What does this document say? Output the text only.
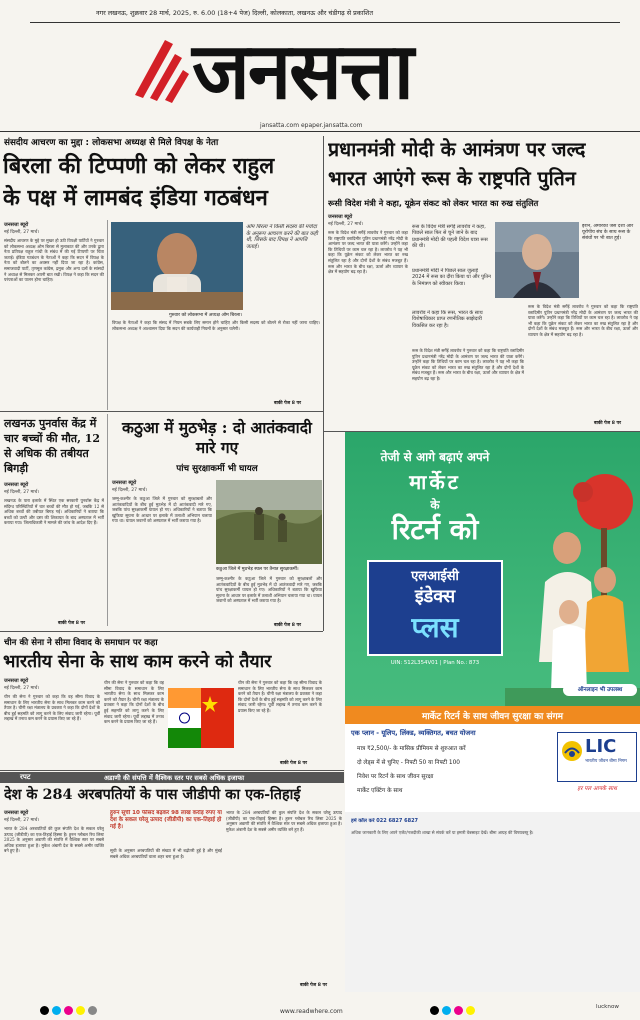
नगर लखनऊ, शुक्रवार 28 मार्च, 2025, रु. 6.00 (18+4 पेज) दिल्ली, कोलकाता, लखनऊ और चंडीगढ़ से प्रकाशित
जनसत्ता
jansatta.com epaper.jansatta.com
संसदीय आचरण का मुद्दा : लोकसभा अध्यक्ष से मिले विपक्ष के नेता
बिरला की टिप्पणी को लेकर राहुल
के पक्ष में लामबंद इंडिया गठबंधन
जनसत्ता ब्यूरो
नई दिल्ली, 27 मार्च।
संसदीय आचरण के मुद्दे पर मुखर हो उठी विपक्षी पार्टियों ने गुरुवार को लोकसभा अध्यक्ष ओम बिरला से मुलाकात की और उनके द्वारा नेता प्रतिपक्ष राहुल गांधी के संबंध में की गई टिप्पणी पर चिंता जताई। इंडिया गठबंधन के नेताओं ने कहा कि सदन में विपक्ष के नेता को बोलने का अवसर नहीं दिया जा रहा है। कांग्रेस, समाजवादी पार्टी, तृणमूल कांग्रेस, द्रमुक और अन्य दलों के सांसदों ने अध्यक्ष से मिलकर अपनी बात रखी। विपक्ष ने कहा कि सदन की परंपराओं का पालन होना चाहिए।
गुरुवार को लोकसभा में अध्यक्ष ओम बिरला।
ओम बिरला ने किसी सदस्य की मर्यादा के अनुरूप आचरण करने की बात कही थी, जिसके बाद विपक्ष ने आपत्ति जताई।
विपक्ष के नेताओं ने कहा कि संसद में नियम सबके लिए समान होने चाहिए और किसी सदस्य को बोलने से रोका नहीं जाना चाहिए। लोकसभा अध्यक्ष ने आश्वासन दिया कि सदन की कार्यवाही नियमों के अनुसार चलेगी।
बाकी पेज 8 पर
प्रधानमंत्री मोदी के आमंत्रण पर जल्द
भारत आएंगे रूस के राष्ट्रपति पुतिन
रूसी विदेश मंत्री ने कहा, यूक्रेन संकट को लेकर भारत का रुख संतुलित
जनसत्ता ब्यूरो
नई दिल्ली, 27 मार्च।
रूस के विदेश मंत्री सर्गेई लावरोव ने गुरुवार को कहा कि राष्ट्रपति व्लादिमीर पुतिन प्रधानमंत्री नरेंद्र मोदी के आमंत्रण पर जल्द भारत की यात्रा करेंगे। उन्होंने कहा कि तिथियों पर काम चल रहा है। लावरोव ने यह भी कहा कि यूक्रेन संकट को लेकर भारत का रुख संतुलित रहा है और दोनों देशों के संबंध मजबूत हैं। रूस और भारत के बीच रक्षा, ऊर्जा और व्यापार के क्षेत्र में सहयोग बढ़ रहा है।
रूस के विदेश मंत्री सर्गेई लावरोव ने कहा, पिछले साल फिर से चुने जाने के बाद प्रधानमंत्री मोदी की पहली विदेश यात्रा रूस की थी।
प्रधानमंत्री मोदी ने पिछले साल जुलाई 2024 में रूस का दौरा किया था और पुतिन के निमंत्रण को स्वीकार किया।
लावरोव ने कहा कि रूस, भारत के साथ विशेषाधिकार प्राप्त रणनीतिक साझेदारी विकसित कर रहा है।
ईरान, अमेरिका जैसे देशों और यूरोपीय संघ के साथ रूस के संबंधों पर भी बात हुई।
रूस के विदेश मंत्री सर्गेई लावरोव ने गुरुवार को कहा कि राष्ट्रपति व्लादिमीर पुतिन प्रधानमंत्री नरेंद्र मोदी के आमंत्रण पर जल्द भारत की यात्रा करेंगे। उन्होंने कहा कि तिथियों पर काम चल रहा है। लावरोव ने यह भी कहा कि यूक्रेन संकट को लेकर भारत का रुख संतुलित रहा है और दोनों देशों के संबंध मजबूत हैं। रूस और भारत के बीच रक्षा, ऊर्जा और व्यापार के क्षेत्र में सहयोग बढ़ रहा है।
रूस के विदेश मंत्री सर्गेई लावरोव ने गुरुवार को कहा कि राष्ट्रपति व्लादिमीर पुतिन प्रधानमंत्री नरेंद्र मोदी के आमंत्रण पर जल्द भारत की यात्रा करेंगे। उन्होंने कहा कि तिथियों पर काम चल रहा है। लावरोव ने यह भी कहा कि यूक्रेन संकट को लेकर भारत का रुख संतुलित रहा है और दोनों देशों के संबंध मजबूत हैं। रूस और भारत के बीच रक्षा, ऊर्जा और व्यापार के क्षेत्र में सहयोग बढ़ रहा है।
बाकी पेज 8 पर
लखनऊ पुनर्वास केंद्र में चार बच्चों की मौत, 12 से अधिक की तबीयत बिगड़ी
जनसत्ता ब्यूरो
नई दिल्ली, 27 मार्च।
लखनऊ के पारा इलाके में स्थित एक सरकारी पुनर्वास केंद्र में संदिग्ध परिस्थितियों में चार बच्चों की मौत हो गई, जबकि 12 से अधिक बच्चों की तबीयत बिगड़ गई। अधिकारियों ने बताया कि बच्चों को उल्टी और दस्त की शिकायत के बाद अस्पताल में भर्ती कराया गया। जिलाधिकारी ने मामले की जांच के आदेश दिए हैं।
बाकी पेज 8 पर
कठुआ में मुठभेड़ : दो आतंकवादी मारे गए
पांच सुरक्षाकर्मी भी घायल
जनसत्ता ब्यूरो
नई दिल्ली, 27 मार्च।
जम्मू-कश्मीर के कठुआ जिले में गुरुवार को सुरक्षाबलों और आतंकवादियों के बीच हुई मुठभेड़ में दो आतंकवादी मारे गए, जबकि पांच सुरक्षाकर्मी घायल हो गए। अधिकारियों ने बताया कि खुफिया सूचना के आधार पर इलाके में तलाशी अभियान चलाया गया था। घायल जवानों को अस्पताल में भर्ती कराया गया है।
कठुआ जिले में मुठभेड़ स्थल पर तैनात सुरक्षाकर्मी।
जम्मू-कश्मीर के कठुआ जिले में गुरुवार को सुरक्षाबलों और आतंकवादियों के बीच हुई मुठभेड़ में दो आतंकवादी मारे गए, जबकि पांच सुरक्षाकर्मी घायल हो गए। अधिकारियों ने बताया कि खुफिया सूचना के आधार पर इलाके में तलाशी अभियान चलाया गया था। घायल जवानों को अस्पताल में भर्ती कराया गया है।
बाकी पेज 8 पर
चीन की सेना ने सीमा विवाद के समाधान पर कहा
भारतीय सेना के साथ काम करने को तैयार
जनसत्ता ब्यूरो
नई दिल्ली, 27 मार्च।
चीन की सेना ने गुरुवार को कहा कि वह सीमा विवाद के समाधान के लिए भारतीय सेना के साथ मिलकर काम करने को तैयार है। चीनी रक्षा मंत्रालय के प्रवक्ता ने कहा कि दोनों देशों के बीच हुई सहमति को लागू करने के लिए संवाद जारी रहेगा। पूर्वी लद्दाख में तनाव कम करने के प्रयास किए जा रहे हैं।
चीन की सेना ने गुरुवार को कहा कि वह सीमा विवाद के समाधान के लिए भारतीय सेना के साथ मिलकर काम करने को तैयार है। चीनी रक्षा मंत्रालय के प्रवक्ता ने कहा कि दोनों देशों के बीच हुई सहमति को लागू करने के लिए संवाद जारी रहेगा। पूर्वी लद्दाख में तनाव कम करने के प्रयास किए जा रहे हैं।
चीन की सेना ने गुरुवार को कहा कि वह सीमा विवाद के समाधान के लिए भारतीय सेना के साथ मिलकर काम करने को तैयार है। चीनी रक्षा मंत्रालय के प्रवक्ता ने कहा कि दोनों देशों के बीच हुई सहमति को लागू करने के लिए संवाद जारी रहेगा। पूर्वी लद्दाख में तनाव कम करने के प्रयास किए जा रहे हैं।
बाकी पेज 8 पर
रपट	अडाणी की संपत्ति में वैश्विक स्तर पर सबसे अधिक इजाफा
देश के 284 अरबपतियों के पास जीडीपी का एक-तिहाई
जनसत्ता ब्यूरो
नई दिल्ली, 27 मार्च।
भारत के 284 अरबपतियों की कुल संपत्ति देश के सकल घरेलू उत्पाद (जीडीपी) का एक-तिहाई हिस्सा है। हुरुन ग्लोबल रिच लिस्ट 2025 के अनुसार अडाणी की संपत्ति में वैश्विक स्तर पर सबसे अधिक इजाफा हुआ है। मुकेश अंबानी देश के सबसे अमीर व्यक्ति बने हुए हैं।
हुरुन सूची 10 फीसद बढ़कर 98 लाख करोड़ रुपए या देश के सकल घरेलू उत्पाद (जीडीपी) का एक-तिहाई हो गई है।
सूची के अनुसार अरबपतियों की संख्या में भी बढ़ोतरी हुई है और मुंबई सबसे अधिक अरबपतियों वाला शहर बना हुआ है।
भारत के 284 अरबपतियों की कुल संपत्ति देश के सकल घरेलू उत्पाद (जीडीपी) का एक-तिहाई हिस्सा है। हुरुन ग्लोबल रिच लिस्ट 2025 के अनुसार अडाणी की संपत्ति में वैश्विक स्तर पर सबसे अधिक इजाफा हुआ है। मुकेश अंबानी देश के सबसे अमीर व्यक्ति बने हुए हैं।
बाकी पेज 8 पर
तेजी से आगे बढ़ाएं अपने
मार्केट
के
रिटर्न को
एलआईसी
इंडेक्स
प्लस
UIN: 512L354V01 | Plan No.: 873
ऑनलाइन भी उपलब्ध
मार्केट रिटर्न के साथ जीवन सुरक्षा का संगम
एक प्लान - यूलिप, लिंक्ड, व्यक्तिगत, बचत योजना
मात्र ₹2,500/- के मासिक प्रीमियम से शुरुआत करें
दो लेड्स में से चुनिए - निफ्टी 50 या निफ्टी 100
निवेश पर रिटर्न के साथ जीवन सुरक्षा
मार्केट एक्टिंग के साथ
LIC
भारतीय जीवन बीमा निगम
हर पल आपके साथ
हमें कॉल करें 022 6827 6827
अधिक जानकारी के लिए अपने एजेंट/नजदीकी शाखा से संपर्क करें या हमारी वेबसाइट देखें। बीमा आग्रह की विषयवस्तु है।
www.readwhere.com
lucknow
